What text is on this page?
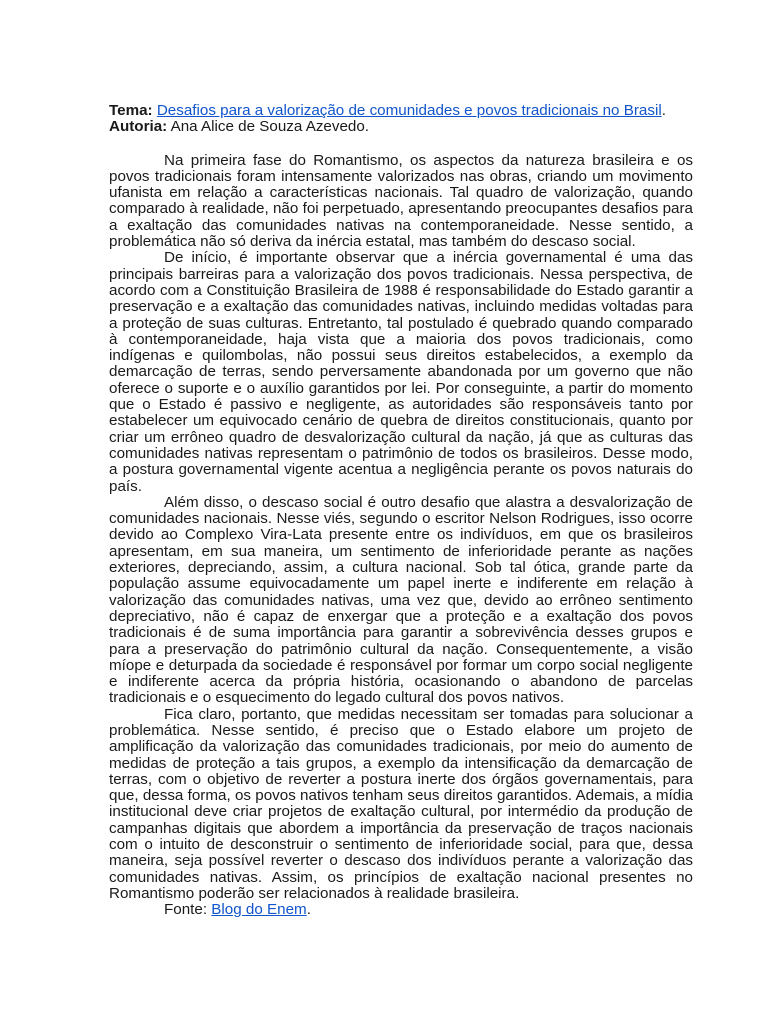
Tema: Desafios para a valorização de comunidades e povos tradicionais no Brasil.

Autoria: Ana Alice de Souza Azevedo.

Na primeira fase do Romantismo, os aspectos da natureza brasileira e os povos tradicionais foram intensamente valorizados nas obras, criando um movimento ufanista em relação a características nacionais. Tal quadro de valorização, quando comparado à realidade, não foi perpetuado, apresentando preocupantes desafios para a exaltação das comunidades nativas na contemporaneidade. Nesse sentido, a problemática não só deriva da inércia estatal, mas também do descaso social.

De início, é importante observar que a inércia governamental é uma das principais barreiras para a valorização dos povos tradicionais. Nessa perspectiva, de acordo com a Constituição Brasileira de 1988 é responsabilidade do Estado garantir a preservação e a exaltação das comunidades nativas, incluindo medidas voltadas para a proteção de suas culturas. Entretanto, tal postulado é quebrado quando comparado à contemporaneidade, haja vista que a maioria dos povos tradicionais, como indígenas e quilombolas, não possui seus direitos estabelecidos, a exemplo da demarcação de terras, sendo perversamente abandonada por um governo que não oferece o suporte e o auxílio garantidos por lei. Por conseguinte, a partir do momento que o Estado é passivo e negligente, as autoridades são responsáveis tanto por estabelecer um equivocado cenário de quebra de direitos constitucionais, quanto por criar um errôneo quadro de desvalorização cultural da nação, já que as culturas das comunidades nativas representam o patrimônio de todos os brasileiros. Desse modo, a postura governamental vigente acentua a negligência perante os povos naturais do país.

Além disso, o descaso social é outro desafio que alastra a desvalorização de comunidades nacionais. Nesse viés, segundo o escritor Nelson Rodrigues, isso ocorre devido ao Complexo Vira-Lata presente entre os indivíduos, em que os brasileiros apresentam, em sua maneira, um sentimento de inferioridade perante as nações exteriores, depreciando, assim, a cultura nacional. Sob tal ótica, grande parte da população assume equivocadamente um papel inerte e indiferente em relação à valorização das comunidades nativas, uma vez que, devido ao errôneo sentimento depreciativo, não é capaz de enxergar que a proteção e a exaltação dos povos tradicionais é de suma importância para garantir a sobrevivência desses grupos e para a preservação do patrimônio cultural da nação. Consequentemente, a visão míope e deturpada da sociedade é responsável por formar um corpo social negligente e indiferente acerca da própria história, ocasionando o abandono de parcelas tradicionais e o esquecimento do legado cultural dos povos nativos.

Fica claro, portanto, que medidas necessitam ser tomadas para solucionar a problemática. Nesse sentido, é preciso que o Estado elabore um projeto de amplificação da valorização das comunidades tradicionais, por meio do aumento de medidas de proteção a tais grupos, a exemplo da intensificação da demarcação de terras, com o objetivo de reverter a postura inerte dos órgãos governamentais, para que, dessa forma, os povos nativos tenham seus direitos garantidos. Ademais, a mídia institucional deve criar projetos de exaltação cultural, por intermédio da produção de campanhas digitais que abordem a importância da preservação de traços nacionais com o intuito de desconstruir o sentimento de inferioridade social, para que, dessa maneira, seja possível reverter o descaso dos indivíduos perante a valorização das comunidades nativas. Assim, os princípios de exaltação nacional presentes no Romantismo poderão ser relacionados à realidade brasileira.

Fonte: Blog do Enem.
